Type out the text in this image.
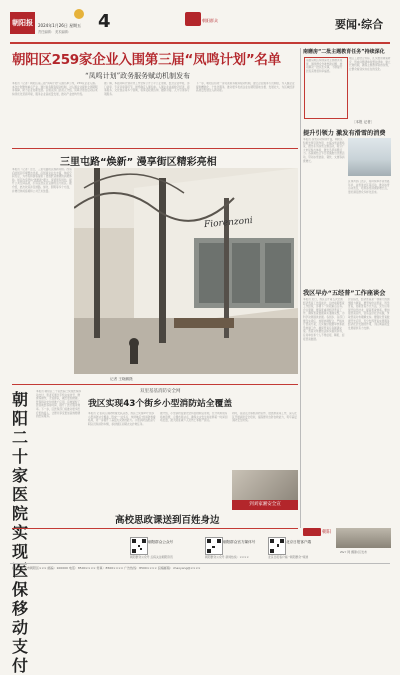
朝阳报	2024年1月26日 星期五
责任编辑： 美术编辑： 4	朝阳群众	要闻·综合
朝阳区259家企业入围第三届“凤鸣计划”名单
“凤鸣计划”政务服务赋动机制发布
本报讯（记者）朝阳区第三届“凤鸣计划”入围名单公布，259家企业入围。本次计划聚焦重点产业，通过政务服务赋动机制，对入围企业提供全周期服务保障，助力企业创新发展。区相关部门负责人介绍，凤鸣计划自启动以来持续优化营商环境，服务企业高质量发展，推动产业结构升级。
据了解，本届凤鸣计划评选工作坚持公开公平公正原则，经过企业申报、部门初审、专家评审等环节，最终确定入围名单。入围企业涵盖数字经济、商务服务、文化创意等多个领域，将享受政策咨询、融资对接、人才引进等专项服务。
下一步，朝阳区将进一步完善政务服务赋动机制，建立企业服务专员制度，为入围企业提供精准化、个性化服务，推动更多优质企业在朝阳落地生根、发展壮大，为区域经济高质量发展注入新动能。
南磨房“二批主题教育任务”持续深化
南磨房地区持续深化主题教育成果，围绕群众急难愁盼问题，推动解决一批民生实事，不断提升居民获得感和幸福感。
地区工委结合实际，扎实推进调查研究，形成问题清单和整改清单，建立长效机制，确保主题教育取得实效，让群众看到实实在在的变化。
〔本报 记者〕
提升引领力 激发有滑雪的消费
本报讯 冰雪运动持续升温，朝阳区积极发挥引领作用，丰富冰雪消费场景，推出系列冰雪主题活动，吸引广大市民参与体验，激发冬季消费活力。各商圈结合节日氛围推出优惠活动，带动冰雪装备、餐饮、文旅等消费增长。
区体育部门表示，将持续举办冰雪嘉年华、冰雪进社区等活动，推动冰雪运动普及，培育冰雪消费新增长点，更好满足群众多样化需求。
三里屯路“焕新” 漫享街区精彩亮相
本报讯（记者）近日，三里屯路街区焕新亮相。改造后的街区环境整洁优美，沿街商业业态丰富，休闲空间充足，为市民和游客提供了更加舒适便捷的消费体验。街区改造坚持“微更新”理念，保留原有特色，提升公共空间品质，打造宜居宜业宜游的活力街区。据介绍，此次改造涉及道路、绿化、照明等多个方面，并增设休闲座椅和公共艺术装置。
Fiorenzoni
记者 王晓鹏摄
朝阳二十家医院实现医保移动支付
本报讯 朝阳区二十家医院已实现医保移动支付，患者可通过手机完成挂号、缴费等操作，无需排队，就医更加便捷。医保移动支付的推广应用，有效缩短了患者就医等待时间，提升了医疗服务效率。下一步，区医保部门将推动更多医疗机构接入，让群众享受更加高效便捷的医保服务。
双里基基消防安全网
我区实现43个街乡小型消防站全覆盖
本报讯 记者从区消防救援支队获悉，我区已实现43个街乡小型消防站全覆盖，形成“一站多点、快速响应”的消防救援格局，进一步提升了基层火灾防控能力。小型消防站配备专职队员和消防车辆，承担辖区初期火灾扑救任务。
据介绍，小型消防站建设坚持因地制宜原则，充分利用现有场地资源，合理布局站点，确保火灾发生时能够第一时间到场处置，最大限度减少人员伤亡和财产损失。
同时，各站点还承担消防宣传、隐患排查等工作，深入社区开展消防安全培训，提高群众自防自救能力，筑牢基层消防安全防线。
到刘家湘安全宣
我区早办“五经普”工作座谈会
本报讯 近日，我区召开第五次全国经济普查工作座谈会，总结前期普查工作经验，部署下一阶段重点任务。会议强调，要高度重视经济普查工作，确保普查数据真实准确完整，为科学决策提供依据。各街乡、各部门要压实责任，加强协调配合，严格执行普查方案，扎实做好数据审核和质量控制工作，确保普查任务圆满完成。普查对象要依法如实提供资料，任何单位和个人不得虚报、瞒报、拒报普查数据。
会议指出，经济普查是一项重大的国情国力调查，要坚持依法普查、科学普查，创新普查方式方法，充分运用现代信息技术，提高普查效率。要加强普查宣传，营造良好社会氛围，争取普查对象理解支持。要强化普查数据开发应用，充分发挥普查成果服务经济社会发展的作用，为区域高质量发展提供有力支撑。
高校思政课送到百姓身边
朝阳
Z&Y 网 摄影/区发布
朝阳群众公众号	朝阳群众官方媒体号	北京日报客户端
朝阳群众公众号 扫码关注朝阳资讯	朝阳群众公众号 新闻热线：××××	北京日报客户端 “朝阳群众”频道
社址：北京市朝阳区××× 邮编：100000 电话：8500×××× 传真：8500×××× 广告热线：8500×××× 投稿邮箱：chaoyang@××××
